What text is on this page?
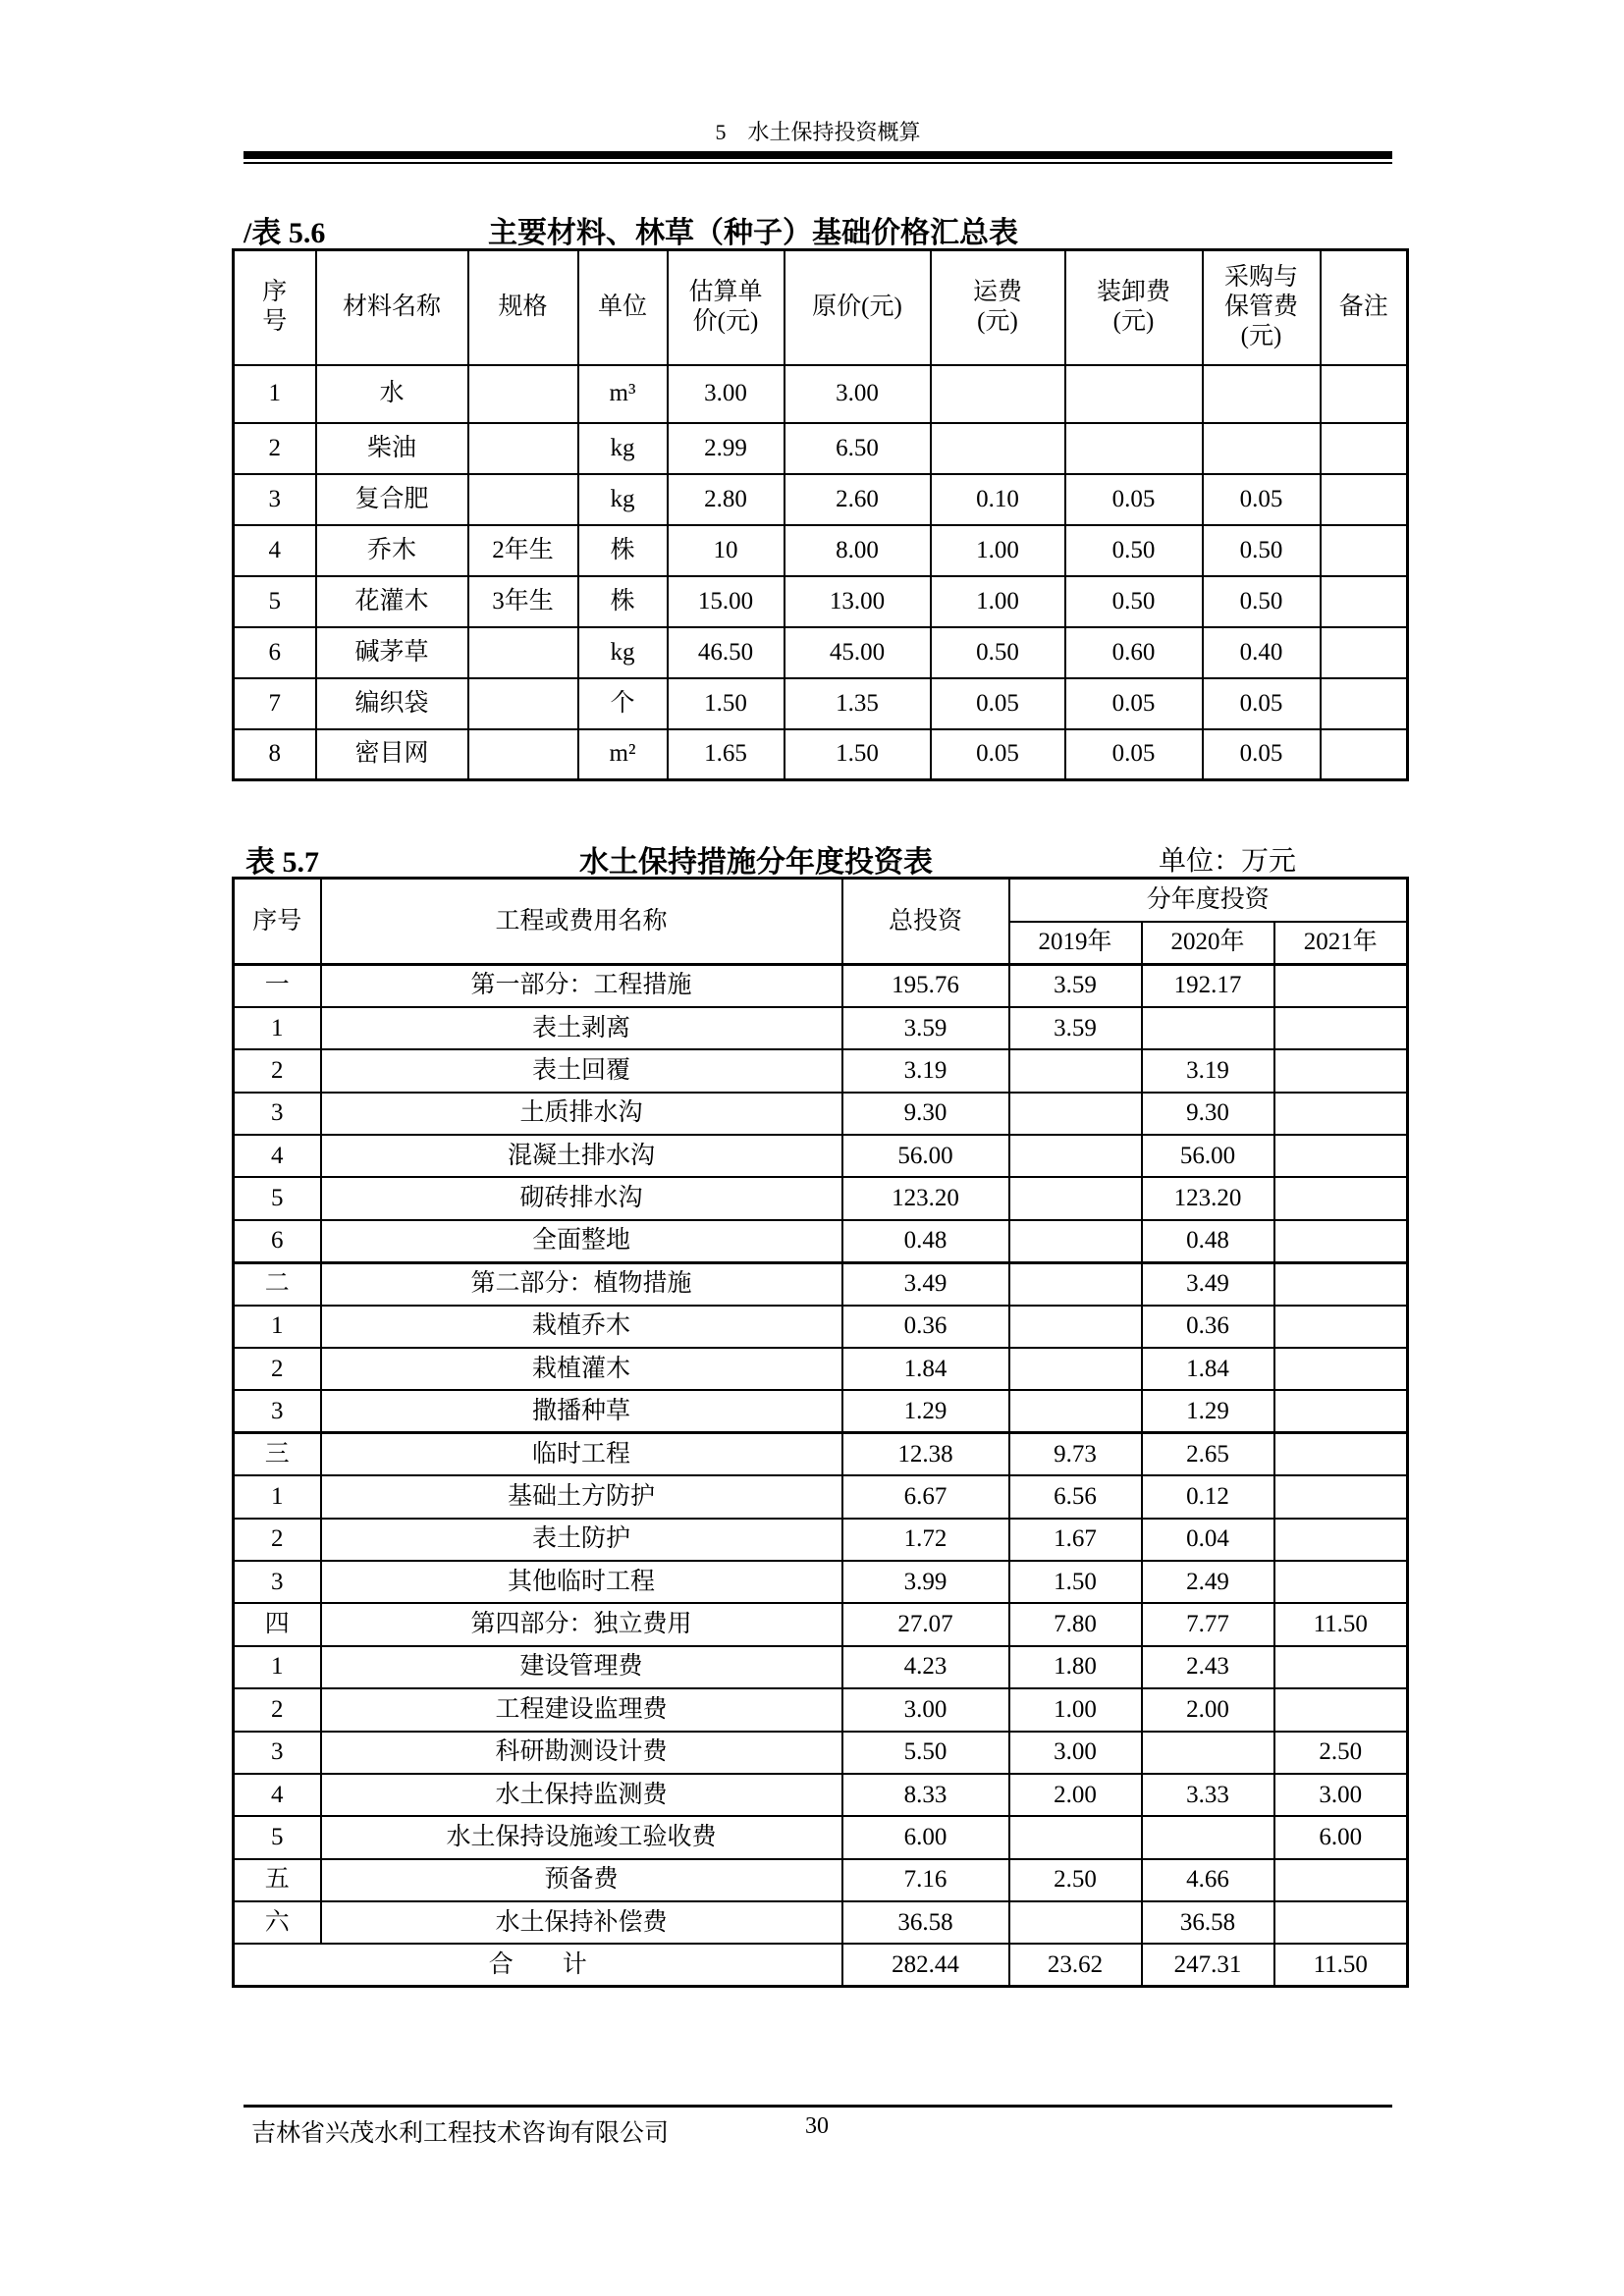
5　水土保持投资概算
/表 5.6	主要材料、林草（种子）基础价格汇总表
序
号	材料名称	规格	单位	估算单
价(元)	原价(元)	运费
(元)	装卸费
(元)	采购与
保管费
(元)	备注
1	水		m³	3.00	3.00				
2	柴油		kg	2.99	6.50				
3	复合肥		kg	2.80	2.60	0.10	0.05	0.05	
4	乔木	2年生	株	10	8.00	1.00	0.50	0.50	
5	花灌木	3年生	株	15.00	13.00	1.00	0.50	0.50	
6	碱茅草		kg	46.50	45.00	0.50	0.60	0.40	
7	编织袋		个	1.50	1.35	0.05	0.05	0.05	
8	密目网		m²	1.65	1.50	0.05	0.05	0.05	
表 5.7	水土保持措施分年度投资表	单位：万元
序号	工程或费用名称	总投资	分年度投资		
			2019年	2020年	2021年
一	第一部分：工程措施	195.76	3.59	192.17	
1	表土剥离	3.59	3.59		
2	表土回覆	3.19		3.19	
3	土质排水沟	9.30		9.30	
4	混凝土排水沟	56.00		56.00	
5	砌砖排水沟	123.20		123.20	
6	全面整地	0.48		0.48	
二	第二部分：植物措施	3.49		3.49	
1	栽植乔木	0.36		0.36	
2	栽植灌木	1.84		1.84	
3	撒播种草	1.29		1.29	
三	临时工程	12.38	9.73	2.65	
1	基础土方防护	6.67	6.56	0.12	
2	表土防护	1.72	1.67	0.04	
3	其他临时工程	3.99	1.50	2.49	
四	第四部分：独立费用	27.07	7.80	7.77	11.50
1	建设管理费	4.23	1.80	2.43	
2	工程建设监理费	3.00	1.00	2.00	
3	科研勘测设计费	5.50	3.00		2.50
4	水土保持监测费	8.33	2.00	3.33	3.00
5	水土保持设施竣工验收费	6.00			6.00
五	预备费	7.16	2.50	4.66	
六	水土保持补偿费	36.58		36.58	
合　　计		282.44	23.62	247.31	11.50
吉林省兴茂水利工程技术咨询有限公司	30
